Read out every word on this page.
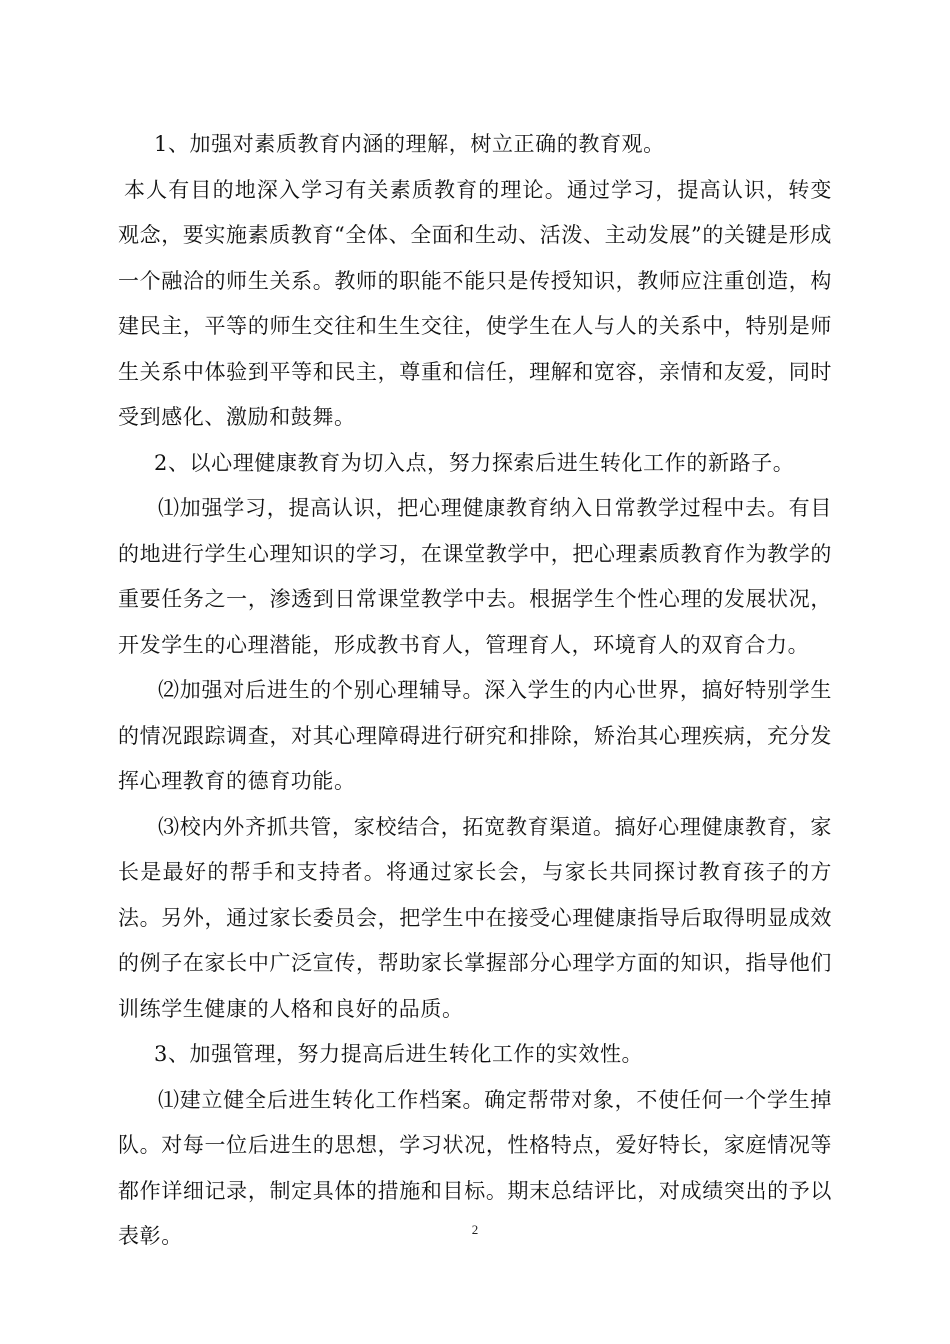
1、加强对素质教育内涵的理解，树立正确的教育观。

本人有目的地深入学习有关素质教育的理论。通过学习，提高认识，转变观念，要实施素质教育“全体、全面和生动、活泼、主动发展”的关键是形成一个融洽的师生关系。教师的职能不能只是传授知识，教师应注重创造，构建民主，平等的师生交往和生生交往，使学生在人与人的关系中，特别是师生关系中体验到平等和民主，尊重和信任，理解和宽容，亲情和友爱，同时受到感化、激励和鼓舞。

2、以心理健康教育为切入点，努力探索后进生转化工作的新路子。

⑴加强学习，提高认识，把心理健康教育纳入日常教学过程中去。有目的地进行学生心理知识的学习，在课堂教学中，把心理素质教育作为教学的重要任务之一，渗透到日常课堂教学中去。根据学生个性心理的发展状况，开发学生的心理潜能，形成教书育人，管理育人，环境育人的双育合力。

⑵加强对后进生的个别心理辅导。深入学生的内心世界，搞好特别学生的情况跟踪调查，对其心理障碍进行研究和排除，矫治其心理疾病，充分发挥心理教育的德育功能。

⑶校内外齐抓共管，家校结合，拓宽教育渠道。搞好心理健康教育，家长是最好的帮手和支持者。将通过家长会，与家长共同探讨教育孩子的方法。另外，通过家长委员会，把学生中在接受心理健康指导后取得明显成效的例子在家长中广泛宣传，帮助家长掌握部分心理学方面的知识，指导他们训练学生健康的人格和良好的品质。

3、加强管理，努力提高后进生转化工作的实效性。

⑴建立健全后进生转化工作档案。确定帮带对象，不使任何一个学生掉队。对每一位后进生的思想，学习状况，性格特点，爱好特长，家庭情况等都作详细记录，制定具体的措施和目标。期末总结评比，对成绩突出的予以表彰。	2
